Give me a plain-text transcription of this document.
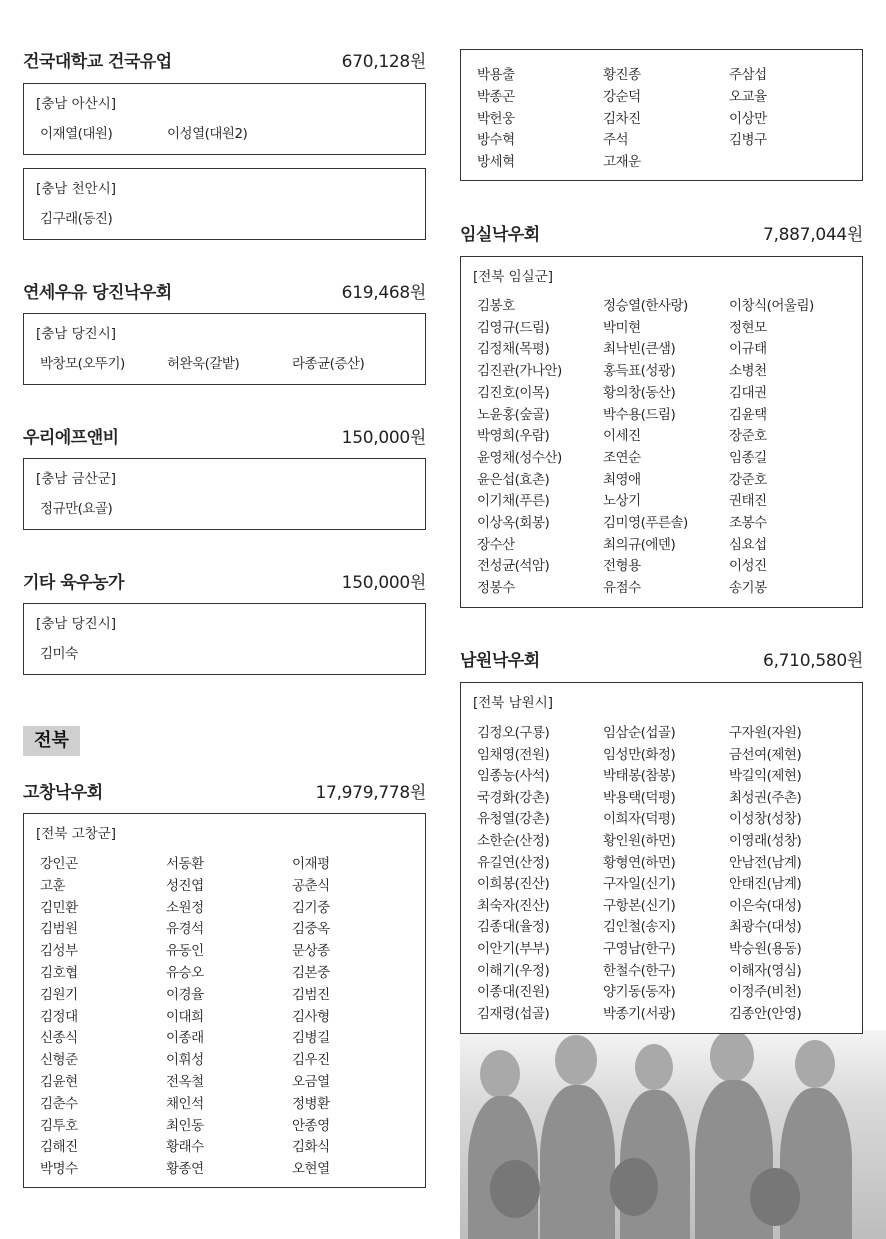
건국대학교 건국유업	670,128원
[충남 아산시]
이재열(대원)	이성열(대원2)
[충남 천안시]
김구래(동진)
연세우유 당진낙우회	619,468원
[충남 당진시]
박창모(오뚜기)	허완욱(갈밭)	라종균(증산)
우리에프앤비	150,000원
[충남 금산군]
정규만(요골)
기타 육우농가	150,000원
[충남 당진시]
김미숙
전북
고창낙우회	17,979,778원
[전북 고창군]
강인곤	서동환	이재평
고훈	성진엽	공춘식
김민환	소원정	김기중
김범원	유경석	김중옥
김성부	유동인	문상종
김호협	유승오	김본중
김원기	이경율	김범진
김정대	이대희	김사형
신종식	이종래	김병길
신형준	이휘성	김우진
김윤현	전옥철	오금열
김춘수	채인석	정병환
김투호	최인동	안종영
김해진	황래수	김화식
박명수	황종연	오현열
박용출	황진종	주삼섭
박종곤	강순덕	오교율
박헌웅	김차진	이상만
방수혁	주석	김병구
방세혁	고재운
임실낙우회	7,887,044원
[전북 임실군]
김봉호	정승열(한사랑)	이창식(어울림)
김영규(드림)	박미현	정현모
김정채(목평)	최낙빈(큰샘)	이규태
김진관(가나안)	홍득표(성광)	소병천
김진호(이목)	황의창(동산)	김대권
노윤홍(숲골)	박수용(드림)	김윤택
박영희(우람)	이세진	장준호
윤영채(성수산)	조연순	임종길
윤은섭(효촌)	최영애	강준호
이기채(푸른)	노상기	권태진
이상옥(회봉)	김미영(푸른솔)	조봉수
장수산	최의규(에덴)	심요섭
전성균(석암)	전형용	이성진
정봉수	유점수	송기봉
남원낙우회	6,710,580원
[전북 남원시]
김정오(구룡)	임삼순(섭골)	구자원(자원)
임채영(전원)	임성만(화정)	금선여(제현)
임종농(사석)	박태봉(참봉)	박길익(제현)
국경화(강촌)	박용택(덕평)	최성권(주촌)
유청열(강촌)	이희자(덕평)	이성창(성창)
소한순(산정)	황인원(하먼)	이영래(성창)
유길연(산정)	황형연(하먼)	안남전(남계)
이희봉(진산)	구자일(신기)	안태진(남계)
최숙자(진산)	구항본(신기)	이은숙(대성)
김종대(율정)	김인철(송지)	최광수(대성)
이안기(부부)	구영남(한구)	박승원(용동)
이해기(우정)	한철수(한구)	이해자(영심)
이종대(진원)	양기동(동자)	이정주(비천)
김재령(섭골)	박종기(서광)	김종안(안영)
